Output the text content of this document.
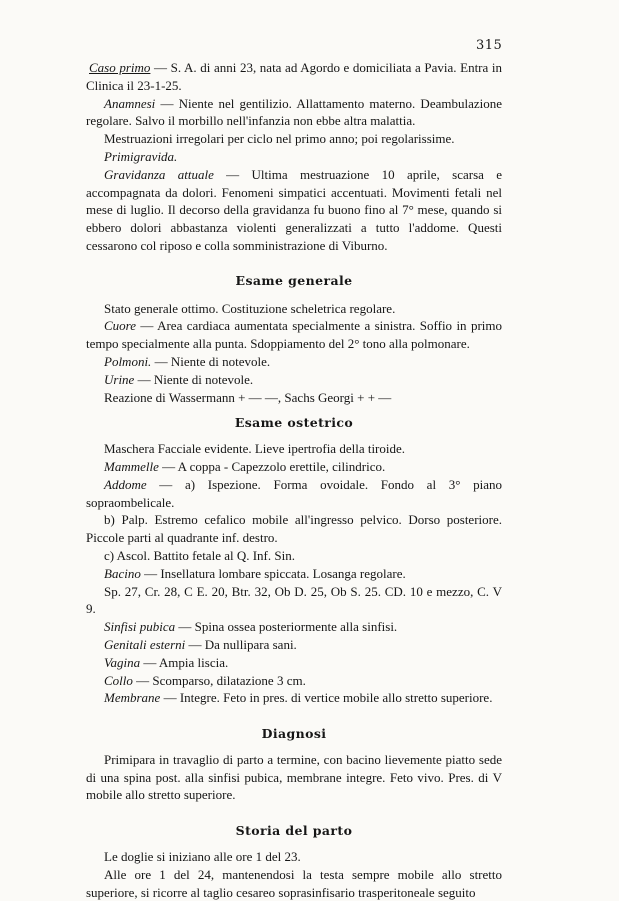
315

Caso primo — S. A. di anni 23, nata ad Agordo e domiciliata a Pavia. Entra in Clinica il 23-1-25.

Anamnesi — Niente nel gentilizio. Allattamento materno. Deambulazione regolare. Salvo il morbillo nell'infanzia non ebbe altra malattia.

Mestruazioni irregolari per ciclo nel primo anno; poi regolarissime.

Primigravida.

Gravidanza attuale — Ultima mestruazione 10 aprile, scarsa e accompagnata da dolori. Fenomeni simpatici accentuati. Movimenti fetali nel mese di luglio. Il decorso della gravidanza fu buono fino al 7° mese, quando si ebbero dolori abbastanza violenti generalizzati a tutto l'addome. Questi cessarono col riposo e colla somministrazione di Viburno.

Esame generale

Stato generale ottimo. Costituzione scheletrica regolare.

Cuore — Area cardiaca aumentata specialmente a sinistra. Soffio in primo tempo specialmente alla punta. Sdoppiamento del 2° tono alla polmonare.

Polmoni. — Niente di notevole.

Urine — Niente di notevole.

Reazione di Wassermann + — —, Sachs Georgi + + —

Esame ostetrico

Maschera Facciale evidente. Lieve ipertrofia della tiroide.

Mammelle — A coppa - Capezzolo erettile, cilindrico.

Addome — a) Ispezione. Forma ovoidale. Fondo al 3° piano sopraombelicale.

b) Palp. Estremo cefalico mobile all'ingresso pelvico. Dorso posteriore. Piccole parti al quadrante inf. destro.

c) Ascol. Battito fetale al Q. Inf. Sin.

Bacino — Insellatura lombare spiccata. Losanga regolare.

Sp. 27, Cr. 28, C E. 20, Btr. 32, Ob D. 25, Ob S. 25. CD. 10 e mezzo, C. V 9.

Sinfisi pubica — Spina ossea posteriormente alla sinfisi.

Genitali esterni — Da nullipara sani.

Vagina — Ampia liscia.

Collo — Scomparso, dilatazione 3 cm.

Membrane — Integre. Feto in pres. di vertice mobile allo stretto superiore.

Diagnosi

Primipara in travaglio di parto a termine, con bacino lievemente piatto sede di una spina post. alla sinfisi pubica, membrane integre. Feto vivo. Pres. di V mobile allo stretto superiore.

Storia del parto

Le doglie si iniziano alle ore 1 del 23.

Alle ore 1 del 24, mantenendosi la testa sempre mobile allo stretto superiore, si ricorre al taglio cesareo soprasinfisario trasperitoneale seguito
